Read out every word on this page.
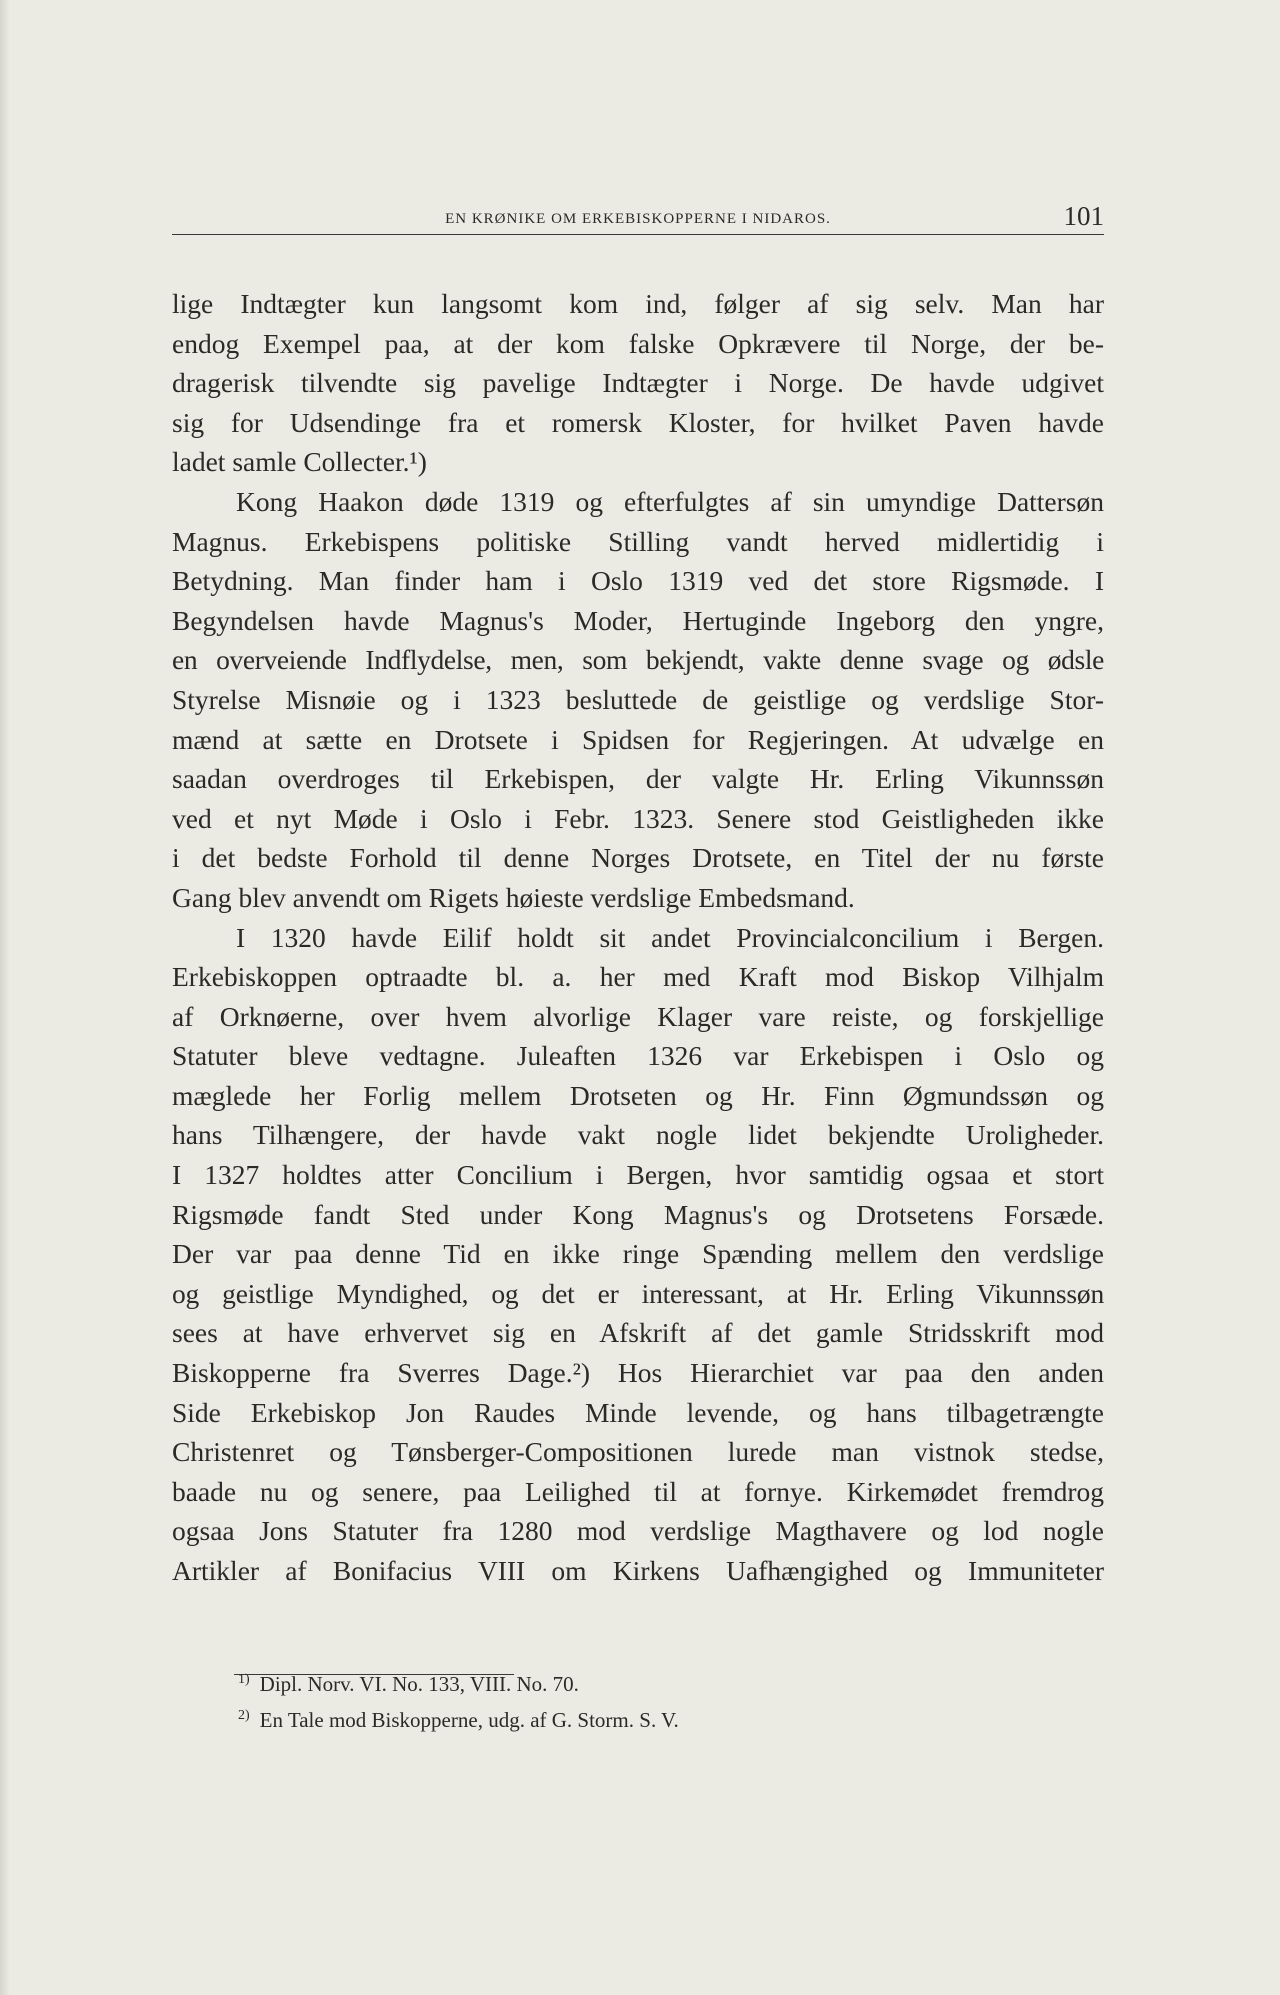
EN KRØNIKE OM ERKEBISKOPPERNE I NIDAROS.	101
lige Indtægter kun langsomt kom ind, følger af sig selv. Man har
endog Exempel paa, at der kom falske Opkrævere til Norge, der be-
dragerisk tilvendte sig pavelige Indtægter i Norge. De havde udgivet
sig for Udsendinge fra et romersk Kloster, for hvilket Paven havde
ladet samle Collecter.¹)
Kong Haakon døde 1319 og efterfulgtes af sin umyndige Dattersøn
Magnus. Erkebispens politiske Stilling vandt herved midlertidig i
Betydning. Man finder ham i Oslo 1319 ved det store Rigsmøde. I
Begyndelsen havde Magnus's Moder, Hertuginde Ingeborg den yngre,
en overveiende Indflydelse, men, som bekjendt, vakte denne svage og ødsle
Styrelse Misnøie og i 1323 besluttede de geistlige og verdslige Stor-
mænd at sætte en Drotsete i Spidsen for Regjeringen. At udvælge en
saadan overdroges til Erkebispen, der valgte Hr. Erling Vikunnssøn
ved et nyt Møde i Oslo i Febr. 1323. Senere stod Geistligheden ikke
i det bedste Forhold til denne Norges Drotsete, en Titel der nu første
Gang blev anvendt om Rigets høieste verdslige Embedsmand.
I 1320 havde Eilif holdt sit andet Provincialconcilium i Bergen.
Erkebiskoppen optraadte bl. a. her med Kraft mod Biskop Vilhjalm
af Orknøerne, over hvem alvorlige Klager vare reiste, og forskjellige
Statuter bleve vedtagne. Juleaften 1326 var Erkebispen i Oslo og
mæglede her Forlig mellem Drotseten og Hr. Finn Øgmundssøn og
hans Tilhængere, der havde vakt nogle lidet bekjendte Uroligheder.
I 1327 holdtes atter Concilium i Bergen, hvor samtidig ogsaa et stort
Rigsmøde fandt Sted under Kong Magnus's og Drotsetens Forsæde.
Der var paa denne Tid en ikke ringe Spænding mellem den verdslige
og geistlige Myndighed, og det er interessant, at Hr. Erling Vikunnssøn
sees at have erhvervet sig en Afskrift af det gamle Stridsskrift mod
Biskopperne fra Sverres Dage.²) Hos Hierarchiet var paa den anden
Side Erkebiskop Jon Raudes Minde levende, og hans tilbagetrængte
Christenret og Tønsberger-Compositionen lurede man vistnok stedse,
baade nu og senere, paa Leilighed til at fornye. Kirkemødet fremdrog
ogsaa Jons Statuter fra 1280 mod verdslige Magthavere og lod nogle
Artikler af Bonifacius VIII om Kirkens Uafhængighed og Immuniteter
1) Dipl. Norv. VI. No. 133, VIII. No. 70.
2) En Tale mod Biskopperne, udg. af G. Storm. S. V.
